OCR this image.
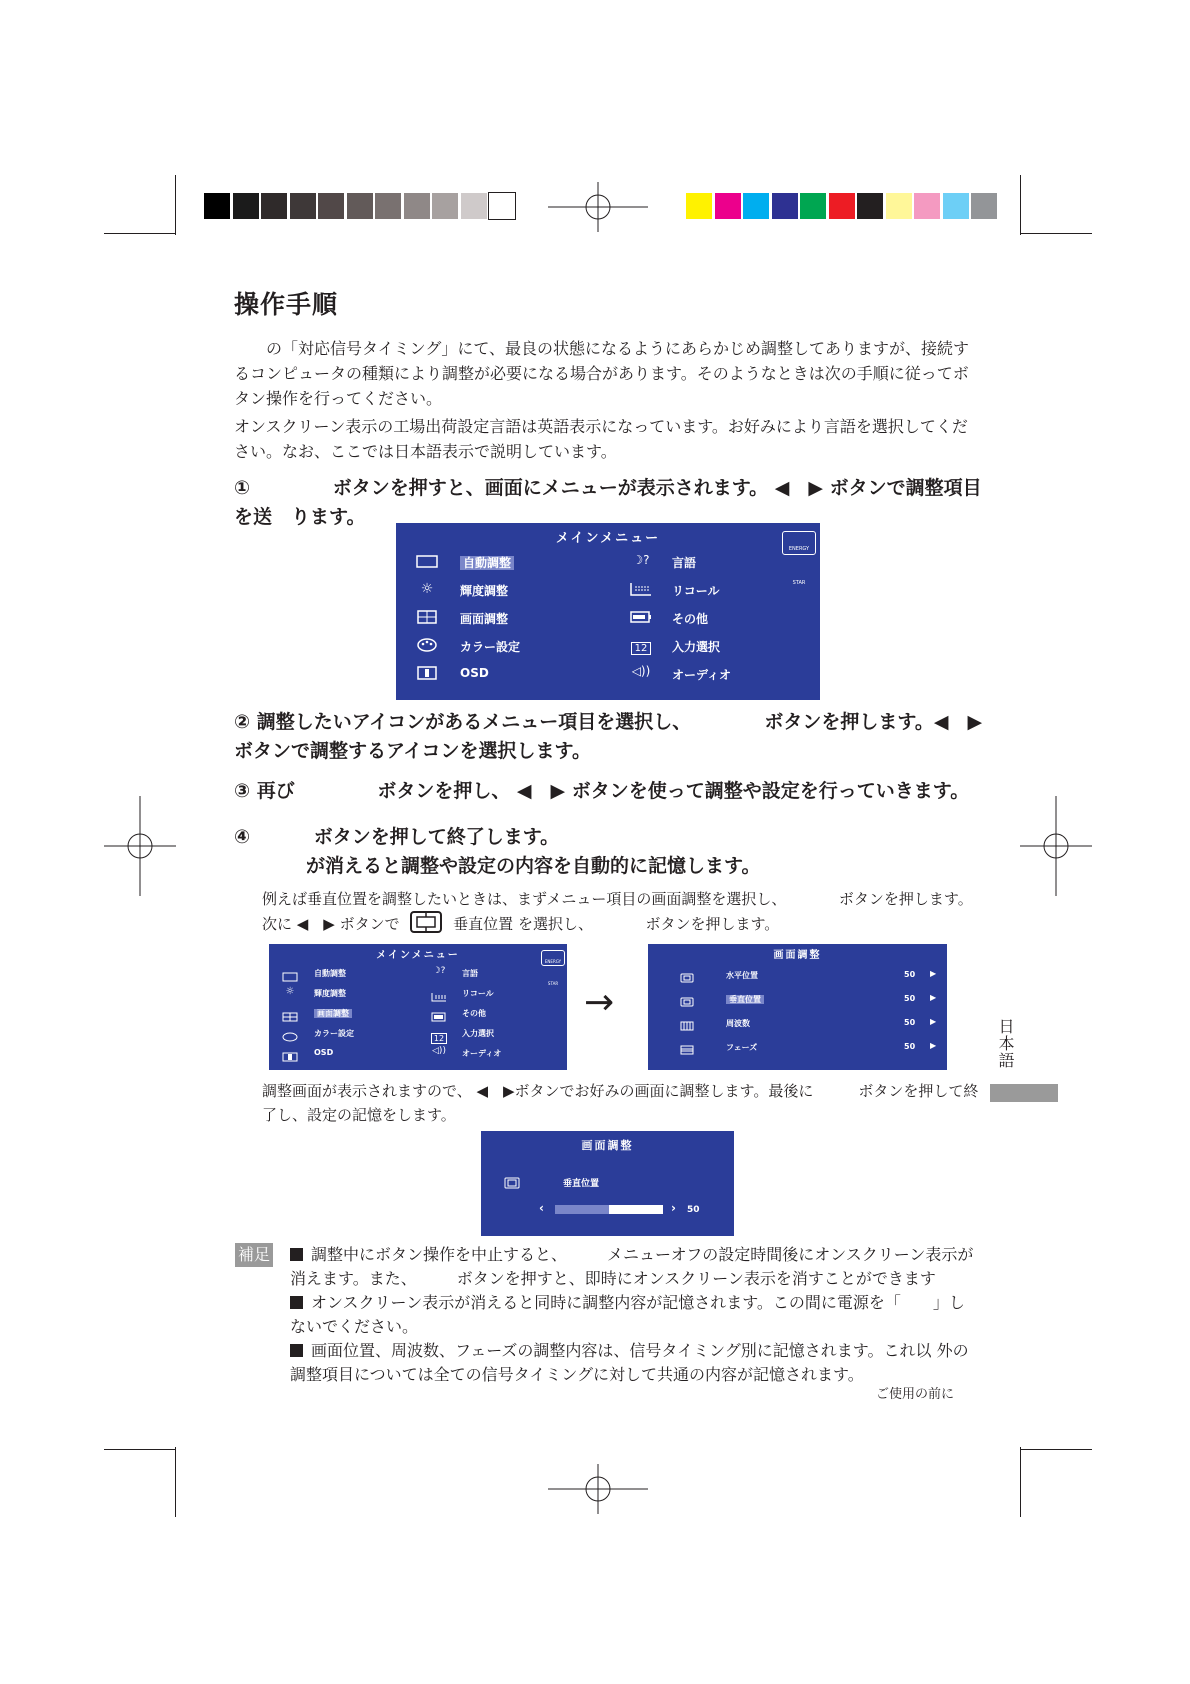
操作手順
　　の「対応信号タイミング」にて、最良の状態になるようにあらかじめ調整してありますが、接続するコンピュータの種類により調整が必要になる場合があります。そのようなときは次の手順に従ってボタン操作を行ってください。
オンスクリーン表示の工場出荷設定言語は英語表示になっています。お好みにより言語を選択してください。なお、ここでは日本語表示で説明しています。
①　　　　 ボタンを押すと、画面にメニューが表示されます。 ◀　▶ ボタンで調整項目を送　ります。
メインメニュー
ENERGY STAR
自動調整
☼	輝度調整
画面調整
カラー設定
OSD
☽?	言語
リコール
その他
12	入力選択
◁))	オーディオ
② 調整したいアイコンがあるメニュー項目を選択し、　　　　 ボタンを押します。◀　▶ ボタンで調整するアイコンを選択します。
③ 再び　　　　 ボタンを押し、 ◀　▶ ボタンを使って調整や設定を行っていきます。
④　　　 ボタンを押して終了します。
が消えると調整や設定の内容を自動的に記憶します。
例えば垂直位置を調整したいときは、まずメニュー項目の画面調整を選択し、　　　　ボタンを押します。
次に ◀　▶ ボタンで	垂直位置 を選択し、　　　　ボタンを押します。
メインメニュー
ENERGY STAR
自動調整
☼	輝度調整
画面調整
カラー設定
OSD
☽?	言語
リコール
その他
12
入力選択
◁))	オーディオ
→
画面調整
水平位置	50 ▶
垂直位置	50 ▶
周波数	50 ▶
フェーズ	50 ▶	日本語
調整画面が表示されますので、 ◀　▶ボタンでお好みの画面に調整します。最後に　　　ボタンを押して終了し、設定の記憶をします。
画面調整
垂直位置
‹	› 50
補足	調整中にボタン操作を中止すると、　　　メニューオフの設定時間後にオンスクリーン表示が消えます。また、　　　ボタンを押すと、即時にオンスクリーン表示を消すことができます
オンスクリーン表示が消えると同時に調整内容が記憶されます。この間に電源を「　　」しないでください。
画面位置、周波数、フェーズの調整内容は、信号タイミング別に記憶されます。これ以 外の調整項目については全ての信号タイミングに対して共通の内容が記憶されます。
ご使用の前に
